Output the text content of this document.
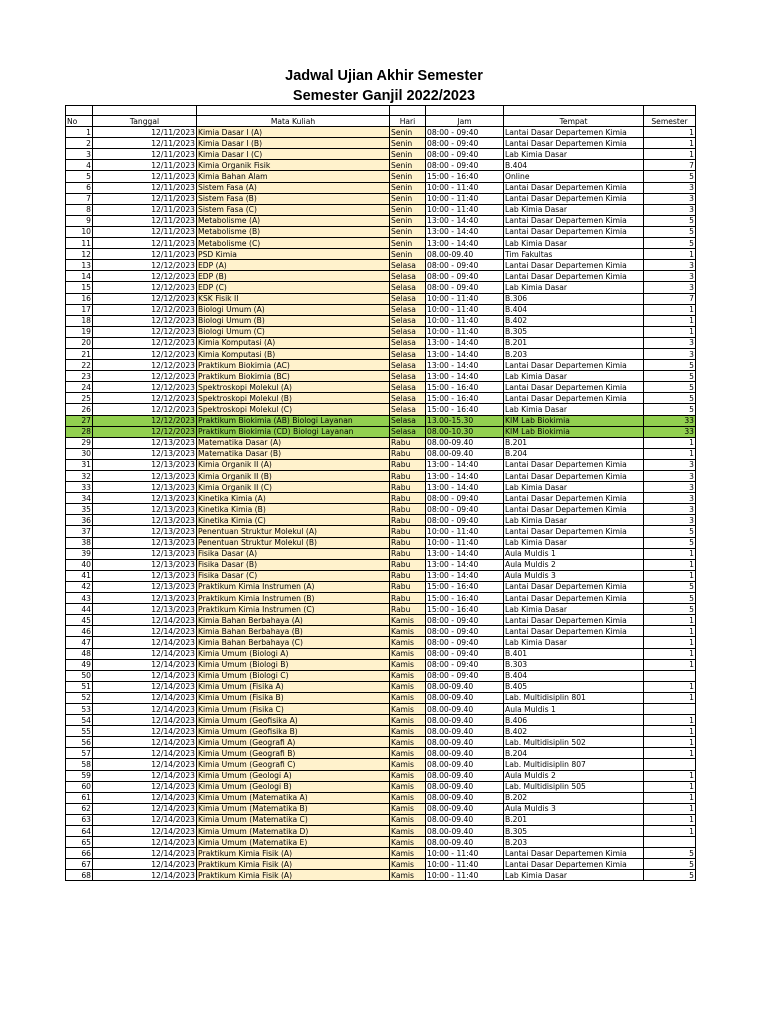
Jadwal Ujian Akhir Semester
Semester Ganjil 2022/2023

No	Tanggal	Mata Kuliah	Hari	Jam	Tempat	Semester
1	12/11/2023	Kimia Dasar I (A)	Senin	08:00 - 09:40	Lantai Dasar Departemen Kimia	1
2	12/11/2023	Kimia Dasar I (B)	Senin	08:00 - 09:40	Lantai Dasar Departemen Kimia	1
3	12/11/2023	Kimia Dasar I (C)	Senin	08:00 - 09:40	Lab Kimia Dasar	1
4	12/11/2023	Kimia Organik Fisik	Senin	08:00 - 09:40	B.404	7
5	12/11/2023	Kimia Bahan Alam	Senin	15:00 - 16:40	Online	5
6	12/11/2023	Sistem Fasa (A)	Senin	10:00 - 11:40	Lantai Dasar Departemen Kimia	3
7	12/11/2023	Sistem Fasa (B)	Senin	10:00 - 11:40	Lantai Dasar Departemen Kimia	3
8	12/11/2023	Sistem Fasa (C)	Senin	10:00 - 11:40	Lab Kimia Dasar	3
9	12/11/2023	Metabolisme (A)	Senin	13:00 - 14:40	Lantai Dasar Departemen Kimia	5
10	12/11/2023	Metabolisme (B)	Senin	13:00 - 14:40	Lantai Dasar Departemen Kimia	5
11	12/11/2023	Metabolisme (C)	Senin	13:00 - 14:40	Lab Kimia Dasar	5
12	12/11/2023	PSD Kimia	Senin	08.00-09.40	Tim Fakultas	1
13	12/12/2023	EDP (A)	Selasa	08:00 - 09:40	Lantai Dasar Departemen Kimia	3
14	12/12/2023	EDP (B)	Selasa	08:00 - 09:40	Lantai Dasar Departemen Kimia	3
15	12/12/2023	EDP (C)	Selasa	08:00 - 09:40	Lab Kimia Dasar	3
16	12/12/2023	KSK Fisik II	Selasa	10:00 - 11:40	B.306	7
17	12/12/2023	Biologi Umum (A)	Selasa	10:00 - 11:40	B.404	1
18	12/12/2023	Biologi Umum (B)	Selasa	10:00 - 11:40	B.402	1
19	12/12/2023	Biologi Umum (C)	Selasa	10:00 - 11:40	B.305	1
20	12/12/2023	Kimia Komputasi (A)	Selasa	13:00 - 14:40	B.201	3
21	12/12/2023	Kimia Komputasi (B)	Selasa	13:00 - 14:40	B.203	3
22	12/12/2023	Praktikum Biokimia (AC)	Selasa	13:00 - 14:40	Lantai Dasar Departemen Kimia	5
23	12/12/2023	Praktikum Biokimia (BC)	Selasa	13:00 - 14:40	Lab Kimia Dasar	5
24	12/12/2023	Spektroskopi Molekul (A)	Selasa	15:00 - 16:40	Lantai Dasar Departemen Kimia	5
25	12/12/2023	Spektroskopi Molekul (B)	Selasa	15:00 - 16:40	Lantai Dasar Departemen Kimia	5
26	12/12/2023	Spektroskopi Molekul (C)	Selasa	15:00 - 16:40	Lab Kimia Dasar	5
27	12/12/2023	Praktikum Biokimia (AB) Biologi Layanan	Selasa	13.00-15.30	KIM Lab Biokimia	33
28	12/12/2023	Praktikum Biokimia (CD) Biologi Layanan	Selasa	08.00-10.30	KIM Lab Biokimia	33
29	12/13/2023	Matematika Dasar (A)	Rabu	08.00-09.40	B.201	1
30	12/13/2023	Matematika Dasar (B)	Rabu	08.00-09.40	B.204	1
31	12/13/2023	Kimia Organik II (A)	Rabu	13:00 - 14:40	Lantai Dasar Departemen Kimia	3
32	12/13/2023	Kimia Organik II (B)	Rabu	13:00 - 14:40	Lantai Dasar Departemen Kimia	3
33	12/13/2023	Kimia Organik II (C)	Rabu	13:00 - 14:40	Lab Kimia Dasar	3
34	12/13/2023	Kinetika Kimia (A)	Rabu	08:00 - 09:40	Lantai Dasar Departemen Kimia	3
35	12/13/2023	Kinetika Kimia (B)	Rabu	08:00 - 09:40	Lantai Dasar Departemen Kimia	3
36	12/13/2023	Kinetika Kimia (C)	Rabu	08:00 - 09:40	Lab Kimia Dasar	3
37	12/13/2023	Penentuan Struktur Molekul (A)	Rabu	10:00 - 11:40	Lantai Dasar Departemen Kimia	5
38	12/13/2023	Penentuan Struktur Molekul (B)	Rabu	10:00 - 11:40	Lab Kimia Dasar	5
39	12/13/2023	Fisika Dasar (A)	Rabu	13:00 - 14:40	Aula Muldis 1	1
40	12/13/2023	Fisika Dasar (B)	Rabu	13:00 - 14:40	Aula Muldis 2	1
41	12/13/2023	Fisika Dasar (C)	Rabu	13:00 - 14:40	Aula Muldis 3	1
42	12/13/2023	Praktikum Kimia Instrumen (A)	Rabu	15:00 - 16:40	Lantai Dasar Departemen Kimia	5
43	12/13/2023	Praktikum Kimia Instrumen (B)	Rabu	15:00 - 16:40	Lantai Dasar Departemen Kimia	5
44	12/13/2023	Praktikum Kimia Instrumen (C)	Rabu	15:00 - 16:40	Lab Kimia Dasar	5
45	12/14/2023	Kimia Bahan Berbahaya (A)	Kamis	08:00 - 09:40	Lantai Dasar Departemen Kimia	1
46	12/14/2023	Kimia Bahan Berbahaya (B)	Kamis	08:00 - 09:40	Lantai Dasar Departemen Kimia	1
47	12/14/2023	Kimia Bahan Berbahaya (C)	Kamis	08:00 - 09:40	Lab Kimia Dasar	1
48	12/14/2023	Kimia Umum (Biologi A)	Kamis	08:00 - 09:40	B.401	1
49	12/14/2023	Kimia Umum (Biologi B)	Kamis	08:00 - 09:40	B.303	1
50	12/14/2023	Kimia Umum (Biologi C)	Kamis	08:00 - 09:40	B.404	
51	12/14/2023	Kimia Umum (Fisika A)	Kamis	08.00-09.40	B.405	1
52	12/14/2023	Kimia Umum (Fisika B)	Kamis	08.00-09.40	Lab. Multidisiplin 801	1
53	12/14/2023	Kimia Umum (Fisika C)	Kamis	08.00-09.40	Aula Muldis 1	
54	12/14/2023	Kimia Umum (Geofisika A)	Kamis	08.00-09.40	B.406	1
55	12/14/2023	Kimia Umum (Geofisika B)	Kamis	08.00-09.40	B.402	1
56	12/14/2023	Kimia Umum (Geografi A)	Kamis	08.00-09.40	Lab. Multidisiplin 502	1
57	12/14/2023	Kimia Umum (Geografi B)	Kamis	08.00-09.40	B.204	1
58	12/14/2023	Kimia Umum (Geografi C)	Kamis	08.00-09.40	Lab. Multidisiplin 807	
59	12/14/2023	Kimia Umum (Geologi A)	Kamis	08.00-09.40	Aula Muldis 2	1
60	12/14/2023	Kimia Umum (Geologi B)	Kamis	08.00-09.40	Lab. Multidisiplin 505	1
61	12/14/2023	Kimia Umum (Matematika A)	Kamis	08.00-09.40	B.202	1
62	12/14/2023	Kimia Umum (Matematika B)	Kamis	08.00-09.40	Aula Muldis 3	1
63	12/14/2023	Kimia Umum (Matematika C)	Kamis	08.00-09.40	B.201	1
64	12/14/2023	Kimia Umum (Matematika D)	Kamis	08.00-09.40	B.305	1
65	12/14/2023	Kimia Umum (Matematika E)	Kamis	08.00-09.40	B.203	
66	12/14/2023	Praktikum Kimia Fisik (A)	Kamis	10:00 - 11:40	Lantai Dasar Departemen Kimia	5
67	12/14/2023	Praktikum Kimia Fisik (A)	Kamis	10:00 - 11:40	Lantai Dasar Departemen Kimia	5
68	12/14/2023	Praktikum Kimia Fisik (A)	Kamis	10:00 - 11:40	Lab Kimia Dasar	5
